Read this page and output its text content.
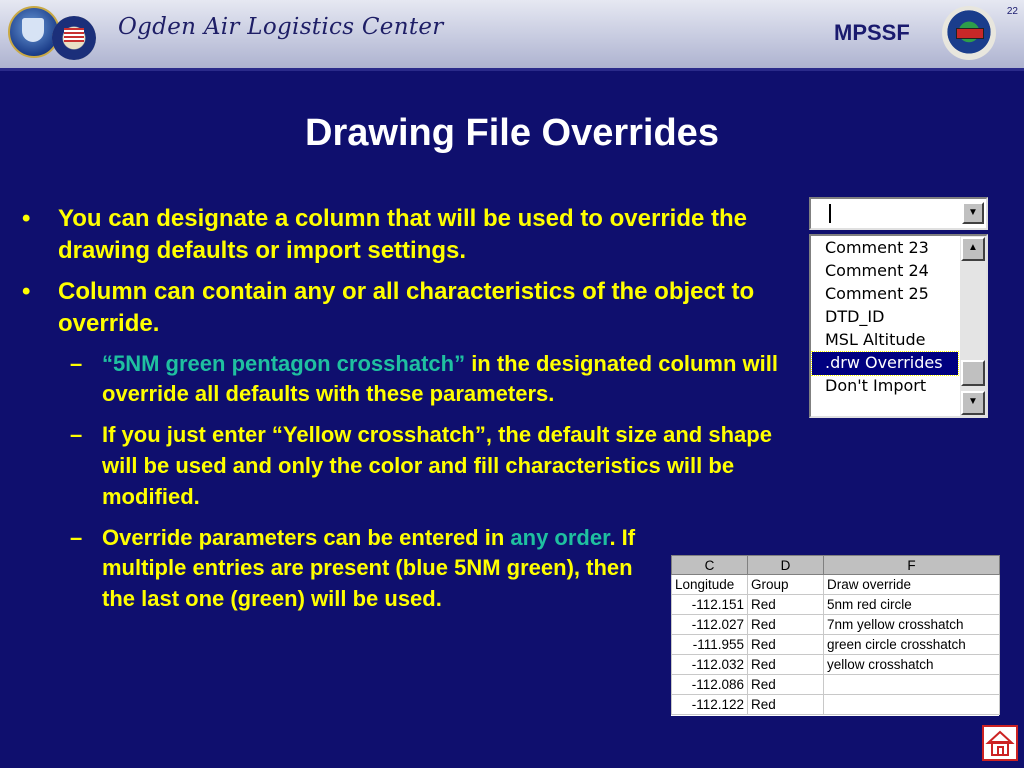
Ogden Air Logistics Center	MPSSF
22
Drawing File Overrides
• You can designate a column that will be used to override the drawing defaults or import settings.
• Column can contain any or all characteristics of the object to override.
– “5NM green pentagon crosshatch” in the designated column will override all defaults with these parameters.
– If you just enter “Yellow crosshatch”, the default size and shape will be used and only the color and fill characteristics will be modified.
– Override parameters can be entered in any order. If multiple entries are present (blue 5NM green), then the last one (green) will be used.
▼
Comment 23
Comment 24
Comment 25
DTD_ID
MSL Altitude
.drw Overrides
Don't Import
▲
▼
C	D	F
Longitude	Group	Draw override
-112.151	Red	5nm red circle
-112.027	Red	7nm yellow crosshatch
-111.955	Red	green circle crosshatch
-112.032	Red	yellow crosshatch
-112.086	Red	
-112.122	Red	
